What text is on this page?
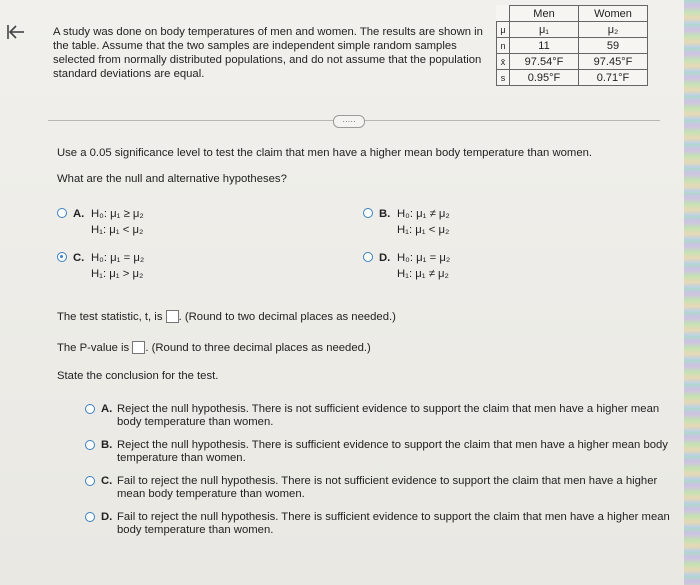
A study was done on body temperatures of men and women. The results are shown in the table. Assume that the two samples are independent simple random samples selected from normally distributed populations, and do not assume that the population standard deviations are equal.
	Men	Women
μ	μ₁	μ₂
n	11	59
x̄	97.54°F	97.45°F
s	0.95°F	0.71°F
·····
Use a 0.05 significance level to test the claim that men have a higher mean body temperature than women.
What are the null and alternative hypotheses?
A. H₀: μ₁ ≥ μ₂
H₁: μ₁ < μ₂
B. H₀: μ₁ ≠ μ₂
H₁: μ₁ < μ₂
C. H₀: μ₁ = μ₂
H₁: μ₁ > μ₂
D. H₀: μ₁ = μ₂
H₁: μ₁ ≠ μ₂
The test statistic, t, is . (Round to two decimal places as needed.)
The P-value is . (Round to three decimal places as needed.)
State the conclusion for the test.
A. Reject the null hypothesis. There is not sufficient evidence to support the claim that men have a higher mean body temperature than women.
B. Reject the null hypothesis. There is sufficient evidence to support the claim that men have a higher mean body temperature than women.
C. Fail to reject the null hypothesis. There is not sufficient evidence to support the claim that men have a higher mean body temperature than women.
D. Fail to reject the null hypothesis. There is sufficient evidence to support the claim that men have a higher mean body temperature than women.
